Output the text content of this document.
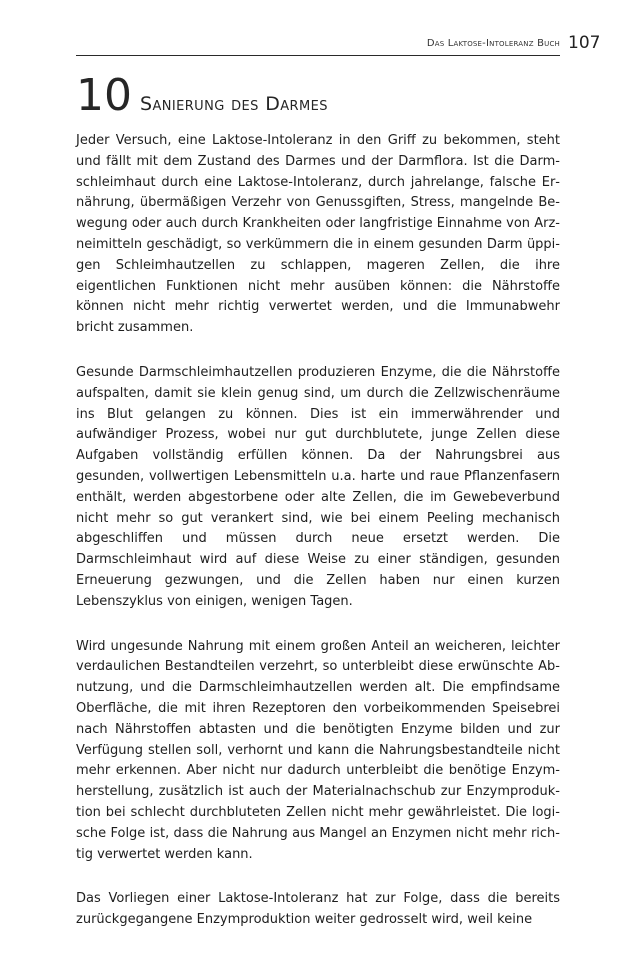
Das Laktose-Intoleranz Buch 107
10 Sanierung des Darmes

Jeder Versuch, eine Laktose-Intoleranz in den Griff zu bekommen, steht und fällt mit dem Zustand des Darmes und der Darmflora. Ist die Darmschleimhaut durch eine Laktose-Intoleranz, durch jahrelange, falsche Ernährung, übermäßigen Verzehr von Genussgiften, Stress, mangelnde Bewegung oder auch durch Krankheiten oder langfristige Einnahme von Arzneimitteln geschädigt, so verkümmern die in einem gesunden Darm üppigen Schleimhautzellen zu schlappen, mageren Zellen, die ihre eigentlichen Funktionen nicht mehr ausüben können: die Nährstoffe können nicht mehr richtig verwertet werden, und die Immunabwehr bricht zusammen.

Gesunde Darmschleimhautzellen produzieren Enzyme, die die Nährstoffe aufspalten, damit sie klein genug sind, um durch die Zellzwischenräume ins Blut gelangen zu können. Dies ist ein immerwährender und aufwändiger Prozess, wobei nur gut durchblutete, junge Zellen diese Aufgaben vollständig erfüllen können. Da der Nahrungsbrei aus gesunden, vollwertigen Lebensmitteln u.a. harte und raue Pflanzenfasern enthält, werden abgestorbene oder alte Zellen, die im Gewebeverbund nicht mehr so gut verankert sind, wie bei einem Peeling mechanisch abgeschliffen und müssen durch neue ersetzt werden. Die Darmschleimhaut wird auf diese Weise zu einer ständigen, gesunden Erneuerung gezwungen, und die Zellen haben nur einen kurzen Lebenszyklus von einigen, wenigen Tagen.

Wird ungesunde Nahrung mit einem großen Anteil an weicheren, leichter verdaulichen Bestandteilen verzehrt, so unterbleibt diese erwünschte Abnutzung, und die Darmschleimhautzellen werden alt. Die empfindsame Oberfläche, die mit ihren Rezeptoren den vorbeikommenden Speisebrei nach Nährstoffen abtasten und die benötigten Enzyme bilden und zur Verfügung stellen soll, verhornt und kann die Nahrungsbestandteile nicht mehr erkennen. Aber nicht nur dadurch unterbleibt die benötige Enzymherstellung, zusätzlich ist auch der Materialnachschub zur Enzymproduktion bei schlecht durchbluteten Zellen nicht mehr gewährleistet. Die logische Folge ist, dass die Nahrung aus Mangel an Enzymen nicht mehr richtig verwertet werden kann.

Das Vorliegen einer Laktose-Intoleranz hat zur Folge, dass die bereits zurückgegangene Enzymproduktion weiter gedrosselt wird, weil keine
